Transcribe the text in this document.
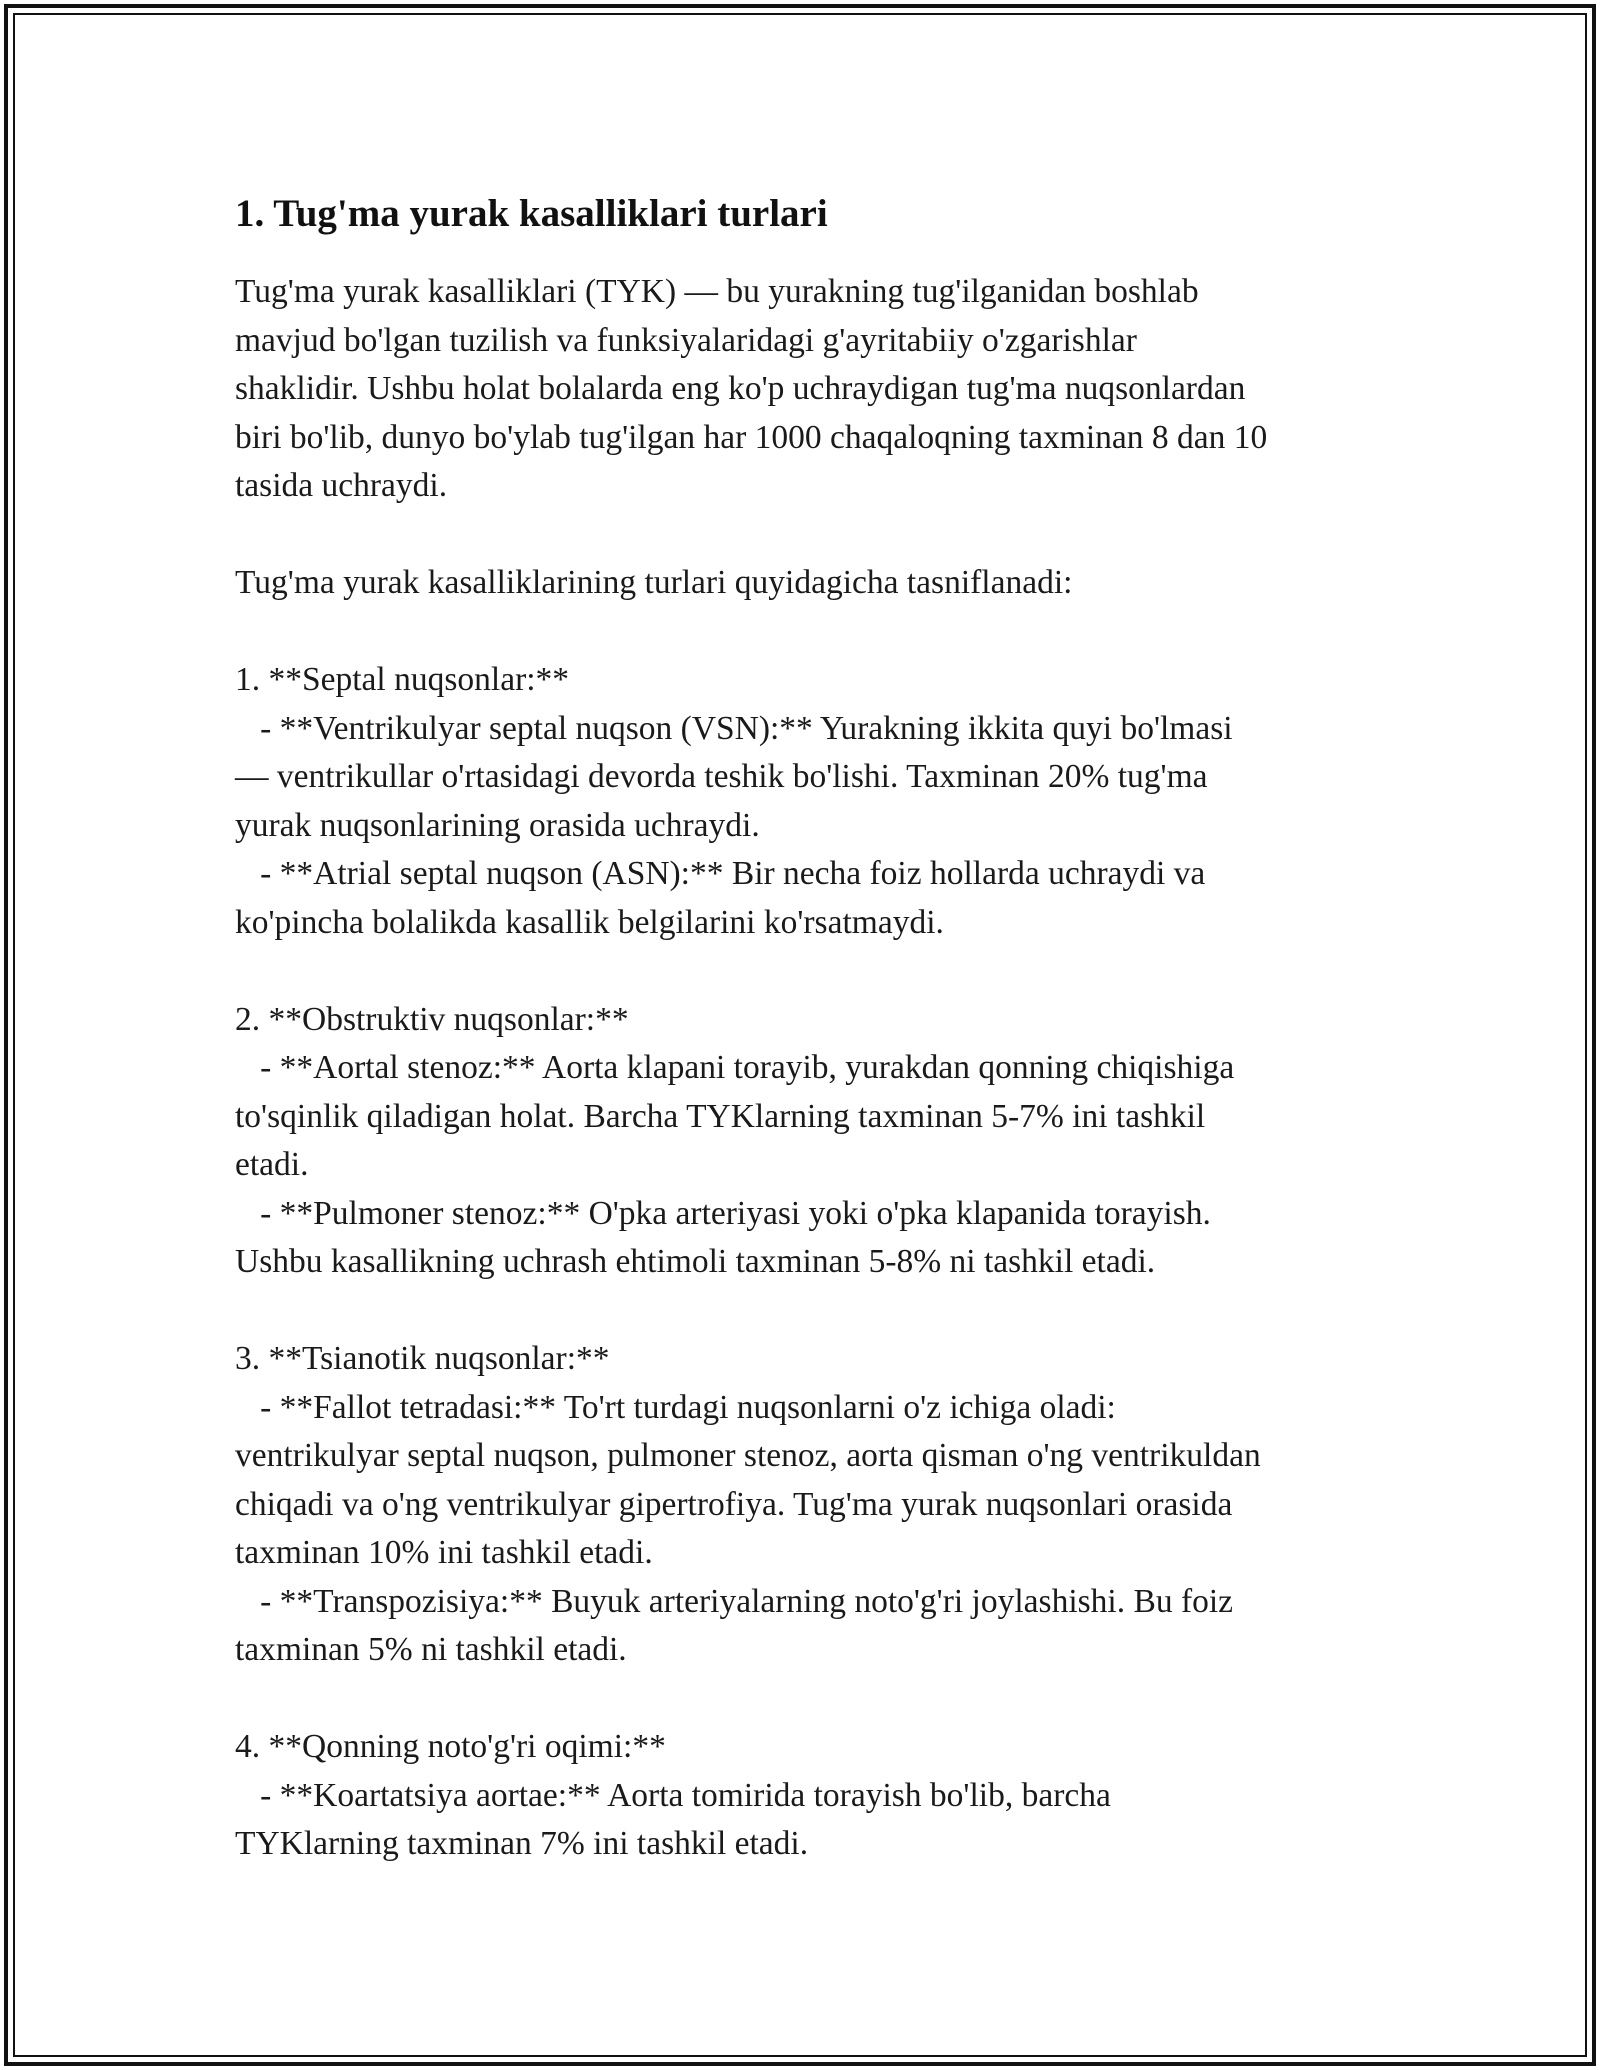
1. Tug'ma yurak kasalliklari turlari

Tug'ma yurak kasalliklari (TYK) — bu yurakning tug'ilganidan boshlab
mavjud bo'lgan tuzilish va funksiyalaridagi g'ayritabiiy o'zgarishlar
shaklidir. Ushbu holat bolalarda eng ko'p uchraydigan tug'ma nuqsonlardan
biri bo'lib, dunyo bo'ylab tug'ilgan har 1000 chaqaloqning taxminan 8 dan 10
tasida uchraydi.

Tug'ma yurak kasalliklarining turlari quyidagicha tasniflanadi:

1. **Septal nuqsonlar:**
- **Ventrikulyar septal nuqson (VSN):** Yurakning ikkita quyi bo'lmasi
— ventrikullar o'rtasidagi devorda teshik bo'lishi. Taxminan 20% tug'ma
yurak nuqsonlarining orasida uchraydi.
- **Atrial septal nuqson (ASN):** Bir necha foiz hollarda uchraydi va
ko'pincha bolalikda kasallik belgilarini ko'rsatmaydi.

2. **Obstruktiv nuqsonlar:**
- **Aortal stenoz:** Aorta klapani torayib, yurakdan qonning chiqishiga
to'sqinlik qiladigan holat. Barcha TYKlarning taxminan 5-7% ini tashkil
etadi.
- **Pulmoner stenoz:** O'pka arteriyasi yoki o'pka klapanida torayish.
Ushbu kasallikning uchrash ehtimoli taxminan 5-8% ni tashkil etadi.

3. **Tsianotik nuqsonlar:**
- **Fallot tetradasi:** To'rt turdagi nuqsonlarni o'z ichiga oladi:
ventrikulyar septal nuqson, pulmoner stenoz, aorta qisman o'ng ventrikuldan
chiqadi va o'ng ventrikulyar gipertrofiya. Tug'ma yurak nuqsonlari orasida
taxminan 10% ini tashkil etadi.
- **Transpozisiya:** Buyuk arteriyalarning noto'g'ri joylashishi. Bu foiz
taxminan 5% ni tashkil etadi.

4. **Qonning noto'g'ri oqimi:**
- **Koartatsiya aortae:** Aorta tomirida torayish bo'lib, barcha
TYKlarning taxminan 7% ini tashkil etadi.
